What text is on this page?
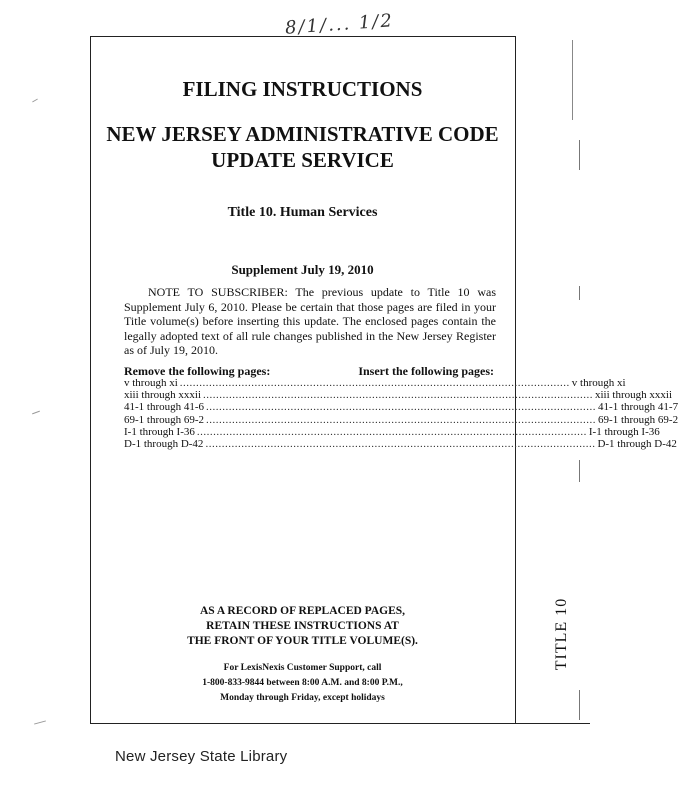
8/1/... 1/2
TITLE 10
FILING INSTRUCTIONS
NEW JERSEY ADMINISTRATIVE CODE
UPDATE SERVICE
Title 10. Human Services
Supplement July 19, 2010
NOTE TO SUBSCRIBER: The previous update to Title 10 was Supplement July 6, 2010. Please be certain that those pages are filed in your Title volume(s) before inserting this update. The enclosed pages contain the legally adopted text of all rule changes published in the New Jersey Register as of July 19, 2010.
Remove the following pages:	Insert the following pages:
v through xi ........................................................................................................................ v through xi
xiii through xxxii ........................................................................................................................ xiii through xxxii
41-1 through 41-6 ........................................................................................................................ 41-1 through 41-7
69-1 through 69-2 ........................................................................................................................ 69-1 through 69-2
I-1 through I-36 ........................................................................................................................ I-1 through I-36
D-1 through D-42 ........................................................................................................................ D-1 through D-42
AS A RECORD OF REPLACED PAGES,
RETAIN THESE INSTRUCTIONS AT
THE FRONT OF YOUR TITLE VOLUME(S).
For LexisNexis Customer Support, call
1-800-833-9844 between 8:00 A.M. and 8:00 P.M.,
Monday through Friday, except holidays
New Jersey State Library
